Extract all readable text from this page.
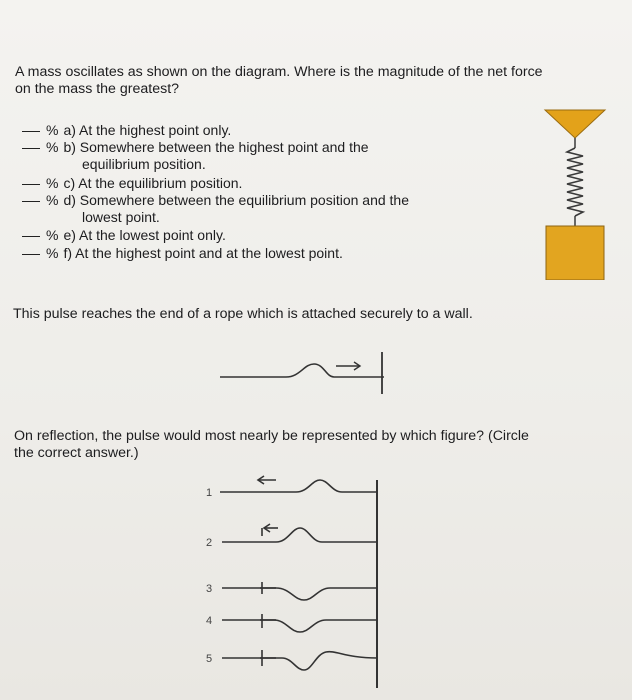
A mass oscillates as shown on the diagram. Where is the magnitude of the net force
on the mass the greatest?
% a) At the highest point only.
% b) Somewhere between the highest point and the
equilibrium position.
% c) At the equilibrium position.
% d) Somewhere between the equilibrium position and the
lowest point.
% e) At the lowest point only.
% f) At the highest point and at the lowest point.
This pulse reaches the end of a rope which is attached securely to a wall.
On reflection, the pulse would most nearly be represented by which figure? (Circle
the correct answer.)
1
2
3
4
5
